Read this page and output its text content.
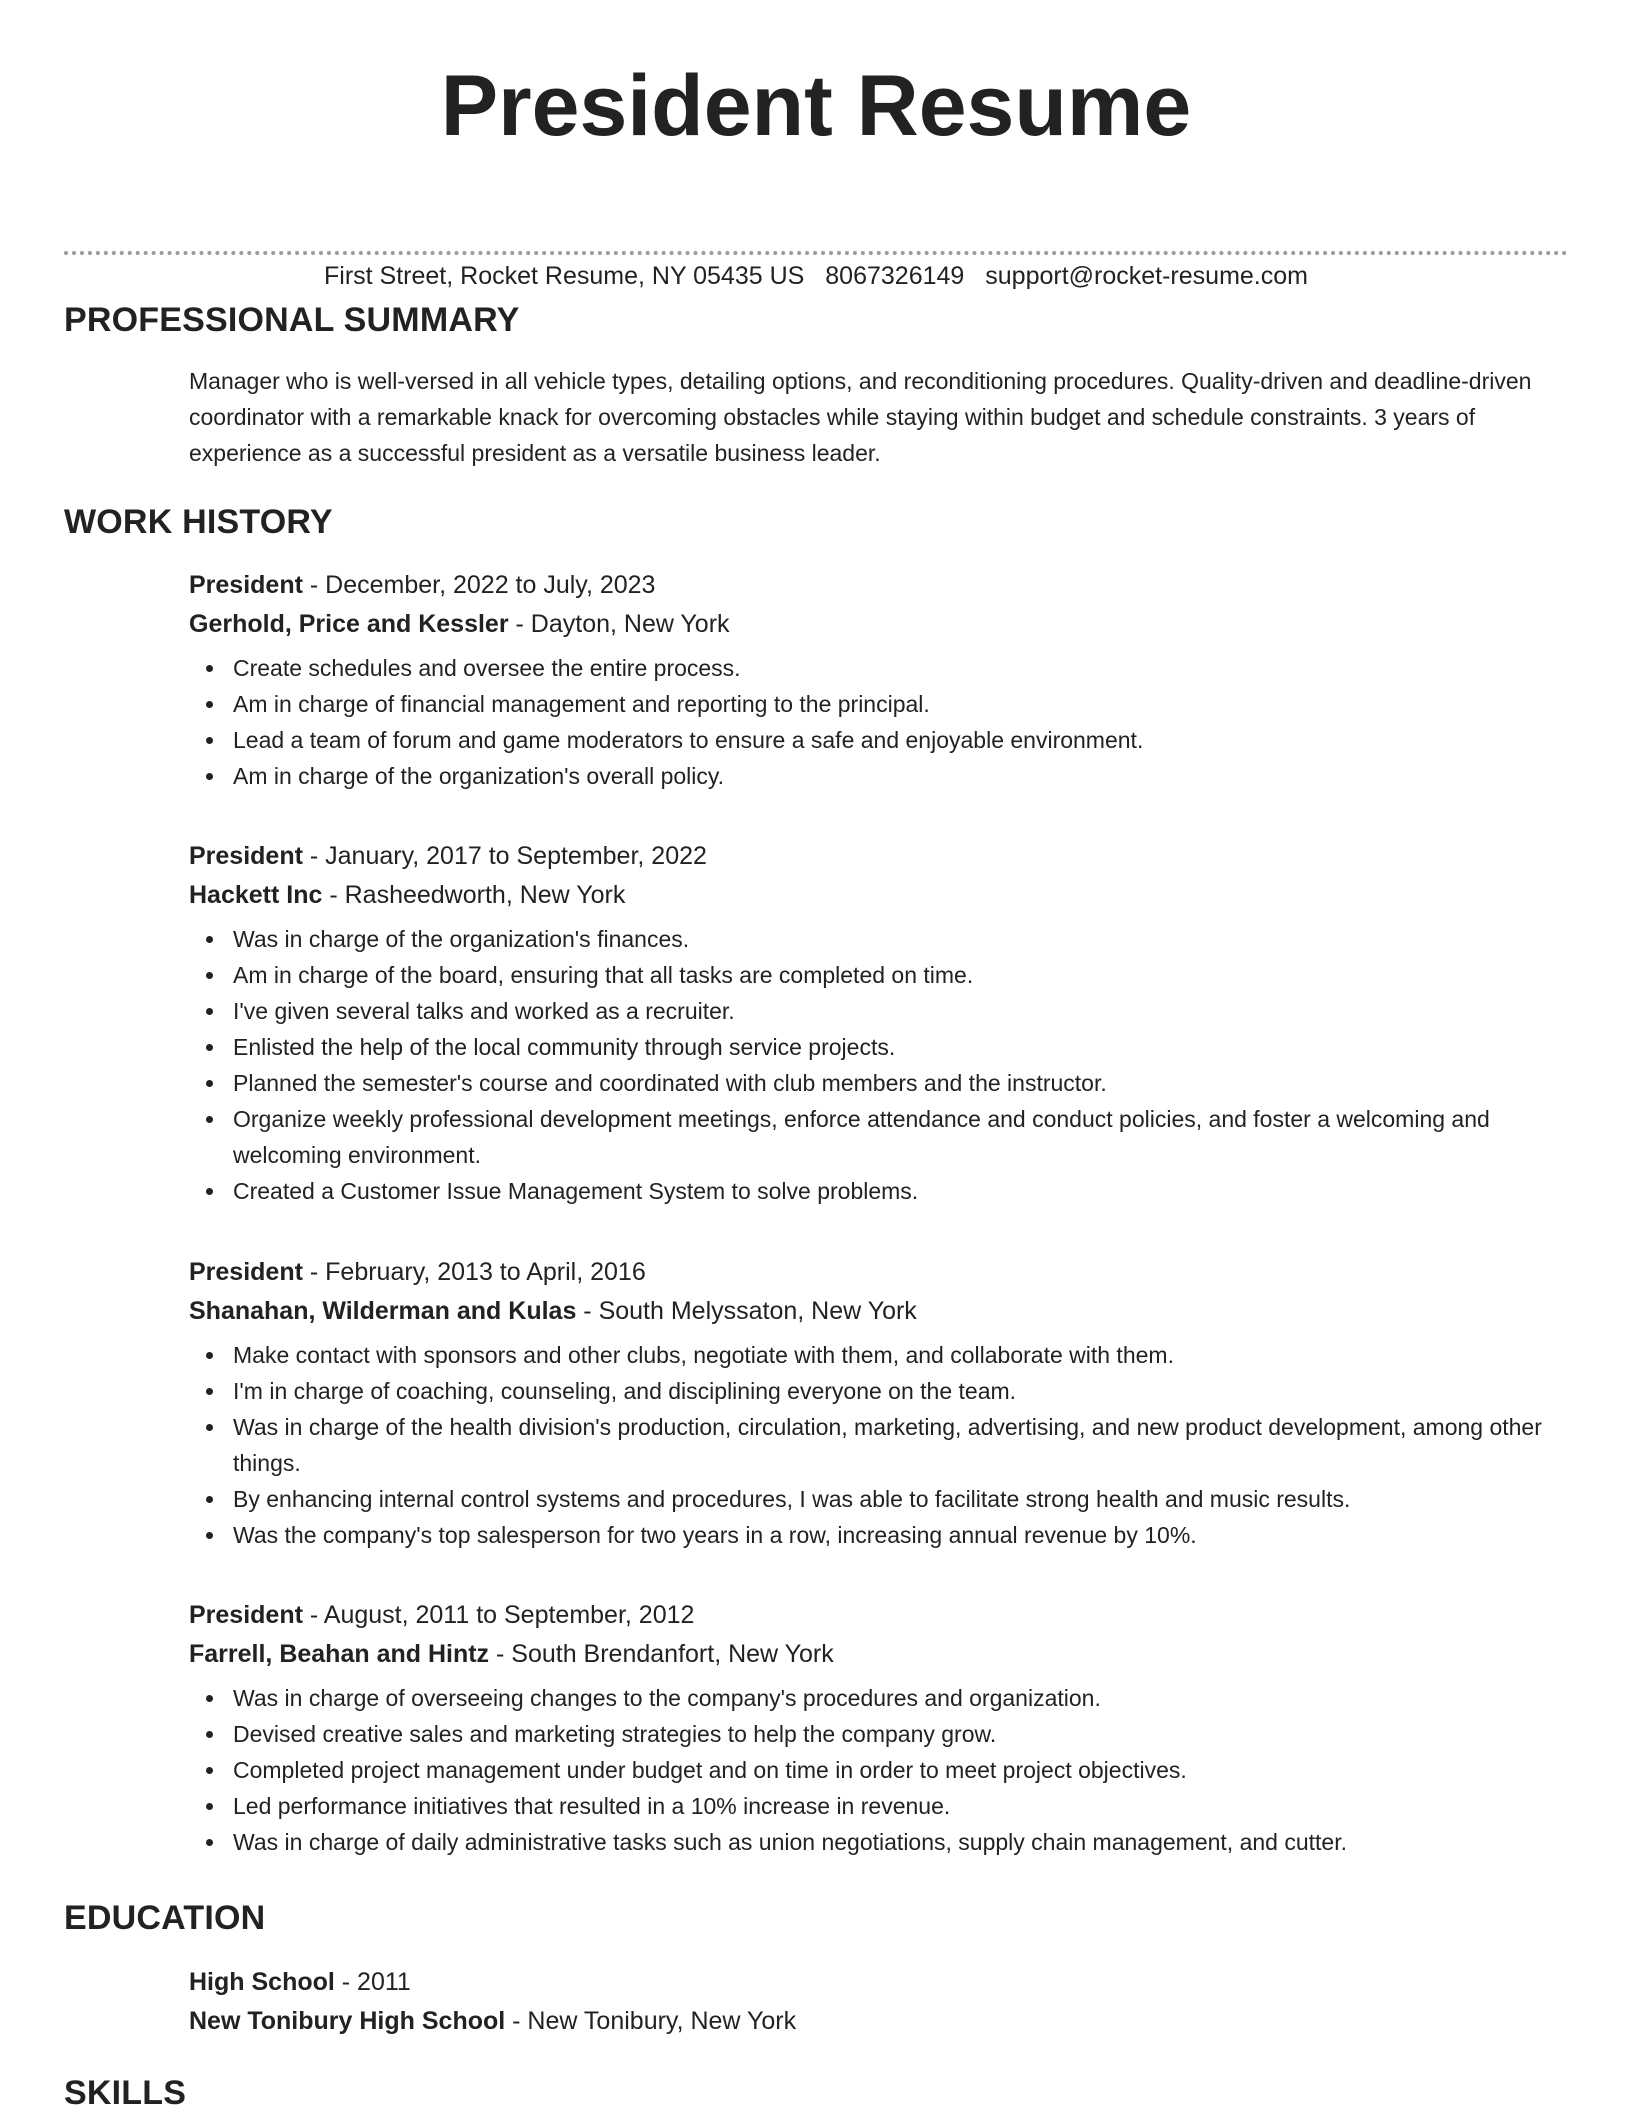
President Resume
First Street, Rocket Resume, NY 05435 US 8067326149 support@rocket-resume.com
PROFESSIONAL SUMMARY
Manager who is well-versed in all vehicle types, detailing options, and reconditioning procedures. Quality-driven and deadline-driven coordinator with a remarkable knack for overcoming obstacles while staying within budget and schedule constraints. 3 years of experience as a successful president as a versatile business leader.
WORK HISTORY
President - December, 2022 to July, 2023
Gerhold, Price and Kessler - Dayton, New York
Create schedules and oversee the entire process.
Am in charge of financial management and reporting to the principal.
Lead a team of forum and game moderators to ensure a safe and enjoyable environment.
Am in charge of the organization's overall policy.
President - January, 2017 to September, 2022
Hackett Inc - Rasheedworth, New York
Was in charge of the organization's finances.
Am in charge of the board, ensuring that all tasks are completed on time.
I've given several talks and worked as a recruiter.
Enlisted the help of the local community through service projects.
Planned the semester's course and coordinated with club members and the instructor.
Organize weekly professional development meetings, enforce attendance and conduct policies, and foster a welcoming and welcoming environment.
Created a Customer Issue Management System to solve problems.
President - February, 2013 to April, 2016
Shanahan, Wilderman and Kulas - South Melyssaton, New York
Make contact with sponsors and other clubs, negotiate with them, and collaborate with them.
I'm in charge of coaching, counseling, and disciplining everyone on the team.
Was in charge of the health division's production, circulation, marketing, advertising, and new product development, among other things.
By enhancing internal control systems and procedures, I was able to facilitate strong health and music results.
Was the company's top salesperson for two years in a row, increasing annual revenue by 10%.
President - August, 2011 to September, 2012
Farrell, Beahan and Hintz - South Brendanfort, New York
Was in charge of overseeing changes to the company's procedures and organization.
Devised creative sales and marketing strategies to help the company grow.
Completed project management under budget and on time in order to meet project objectives.
Led performance initiatives that resulted in a 10% increase in revenue.
Was in charge of daily administrative tasks such as union negotiations, supply chain management, and cutter.
EDUCATION
High School - 2011
New Tonibury High School - New Tonibury, New York
SKILLS
